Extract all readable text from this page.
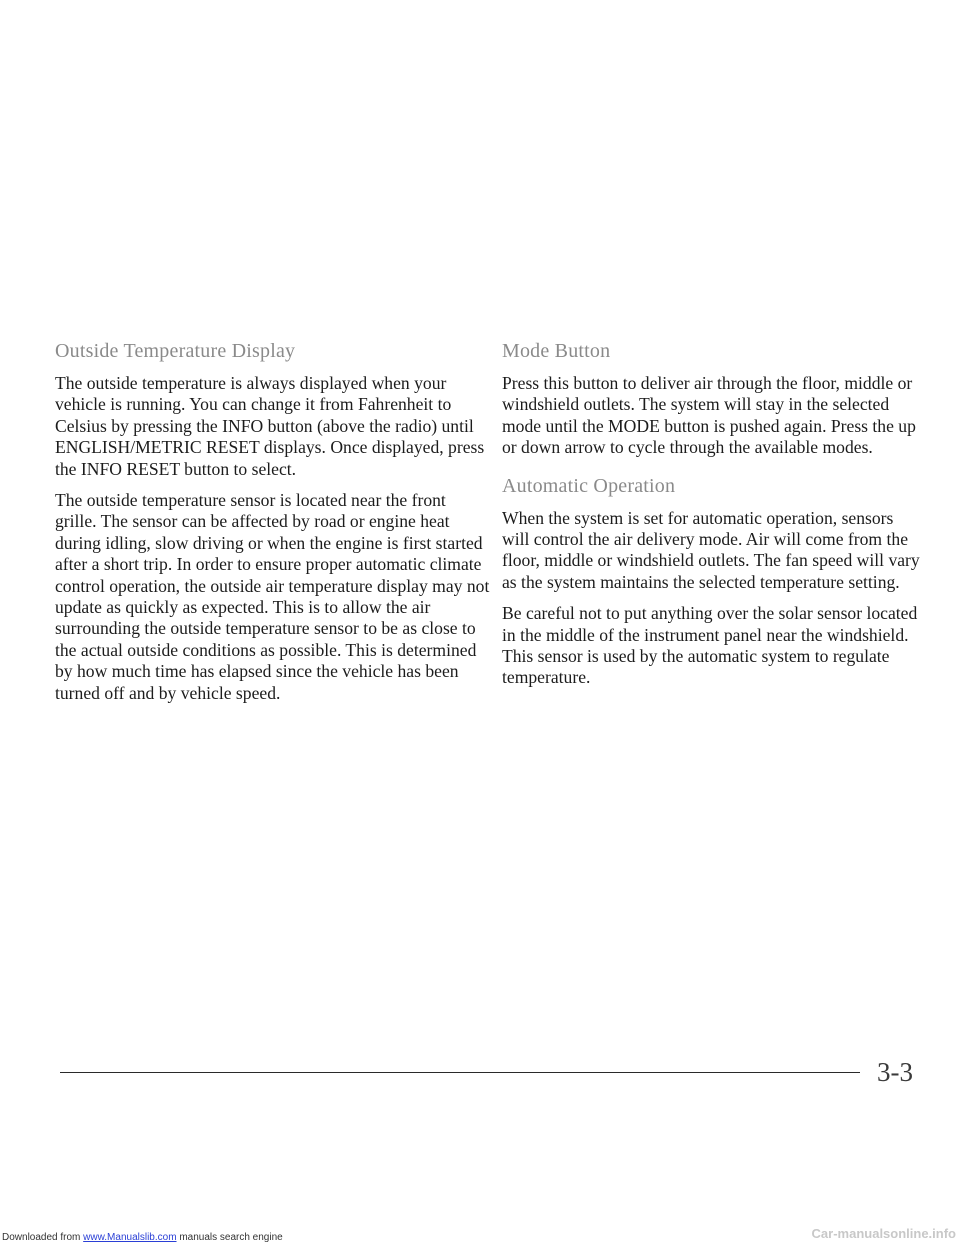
Outside Temperature Display

The outside temperature is always displayed when your vehicle is running. You can change it from Fahrenheit to Celsius by pressing the INFO button (above the radio) until ENGLISH/METRIC RESET displays. Once displayed, press the INFO RESET button to select.

The outside temperature sensor is located near the front grille. The sensor can be affected by road or engine heat during idling, slow driving or when the engine is first started after a short trip. In order to ensure proper automatic climate control operation, the outside air temperature display may not update as quickly as expected. This is to allow the air surrounding the outside temperature sensor to be as close to the actual outside conditions as possible. This is determined by how much time has elapsed since the vehicle has been turned off and by vehicle speed.

Mode Button

Press this button to deliver air through the floor, middle or windshield outlets. The system will stay in the selected mode until the MODE button is pushed again. Press the up or down arrow to cycle through the available modes.

Automatic Operation

When the system is set for automatic operation, sensors will control the air delivery mode. Air will come from the floor, middle or windshield outlets. The fan speed will vary as the system maintains the selected temperature setting.

Be careful not to put anything over the solar sensor located in the middle of the instrument panel near the windshield. This sensor is used by the automatic system to regulate temperature.

3-3
Downloaded from www.Manualslib.com manuals search engine	Car-manualsonline.info
